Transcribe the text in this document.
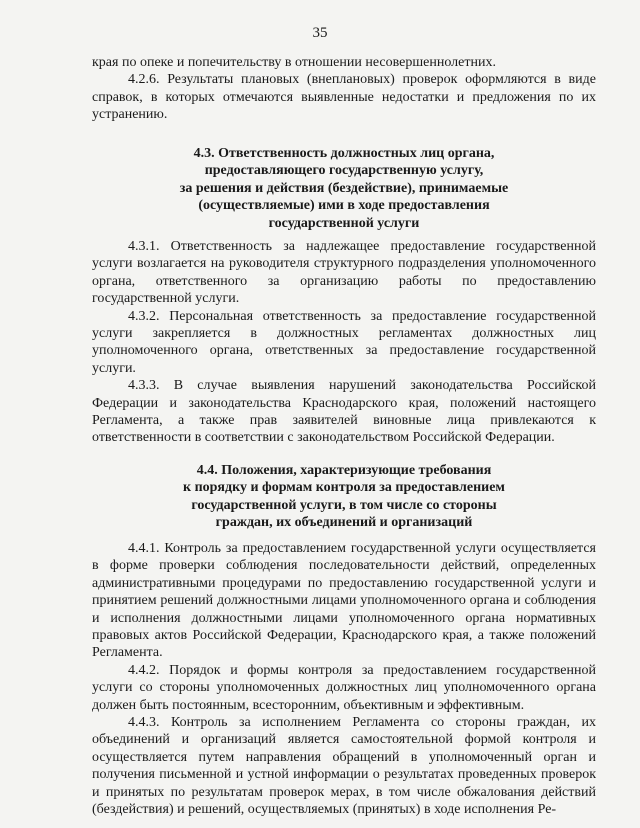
35

края по опеке и попечительству в отношении несовершеннолетних.

4.2.6. Результаты плановых (внеплановых) проверок оформляются в виде справок, в которых отмечаются выявленные недостатки и предложения по их устранению.

4.3. Ответственность должностных лиц органа,
предоставляющего государственную услугу,
за решения и действия (бездействие), принимаемые
(осуществляемые) ими в ходе предоставления
государственной услуги

4.3.1. Ответственность за надлежащее предоставление государственной услуги возлагается на руководителя структурного подразделения уполномоченного органа, ответственного за организацию работы по предоставлению государственной услуги.

4.3.2. Персональная ответственность за предоставление государственной услуги закрепляется в должностных регламентах должностных лиц уполномоченного органа, ответственных за предоставление государственной услуги.

4.3.3. В случае выявления нарушений законодательства Российской Федерации и законодательства Краснодарского края, положений настоящего Регламента, а также прав заявителей виновные лица привлекаются к ответственности в соответствии с законодательством Российской Федерации.

4.4. Положения, характеризующие требования
к порядку и формам контроля за предоставлением
государственной услуги, в том числе со стороны
граждан, их объединений и организаций

4.4.1. Контроль за предоставлением государственной услуги осуществляется в форме проверки соблюдения последовательности действий, определенных административными процедурами по предоставлению государственной услуги и принятием решений должностными лицами уполномоченного органа и соблюдения и исполнения должностными лицами уполномоченного органа нормативных правовых актов Российской Федерации, Краснодарского края, а также положений Регламента.

4.4.2. Порядок и формы контроля за предоставлением государственной услуги со стороны уполномоченных должностных лиц уполномоченного органа должен быть постоянным, всесторонним, объективным и эффективным.

4.4.3. Контроль за исполнением Регламента со стороны граждан, их объединений и организаций является самостоятельной формой контроля и осуществляется путем направления обращений в уполномоченный орган и получения письменной и устной информации о результатах проведенных проверок и принятых по результатам проверок мерах, в том числе обжалования действий (бездействия) и решений, осуществляемых (принятых) в ходе исполнения Ре-
